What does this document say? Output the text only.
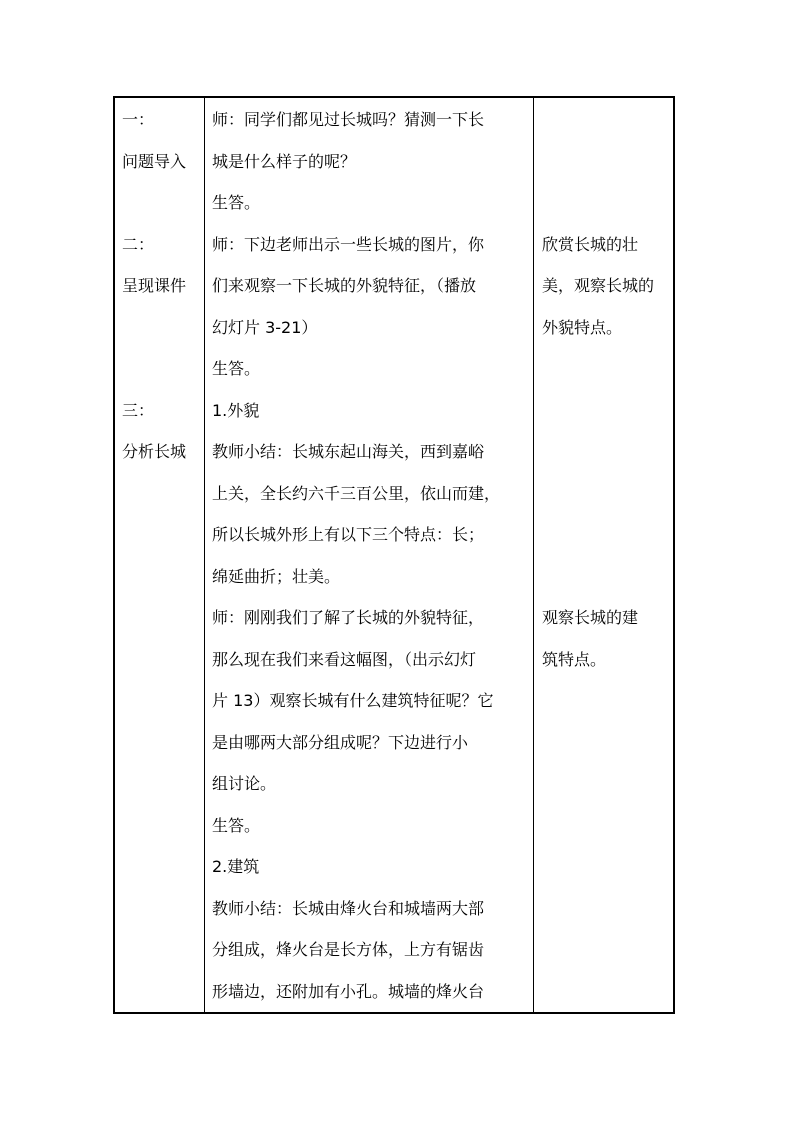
一：
问题导入
二：
呈现课件
三：
分析长城
师：同学们都见过长城吗？猜测一下长
城是什么样子的呢？
生答。
师：下边老师出示一些长城的图片，你
们来观察一下长城的外貌特征，（播放
幻灯片 3-21）
生答。
1.外貌
教师小结：长城东起山海关，西到嘉峪
上关，全长约六千三百公里，依山而建，
所以长城外形上有以下三个特点：长；
绵延曲折；壮美。
师：刚刚我们了解了长城的外貌特征，
那么现在我们来看这幅图，（出示幻灯
片 13）观察长城有什么建筑特征呢？它
是由哪两大部分组成呢？下边进行小
组讨论。
生答。
2.建筑
教师小结：长城由烽火台和城墙两大部
分组成，烽火台是长方体，上方有锯齿
形墙边，还附加有小孔。城墙的烽火台
欣赏长城的壮
美，观察长城的
外貌特点。
观察长城的建
筑特点。
